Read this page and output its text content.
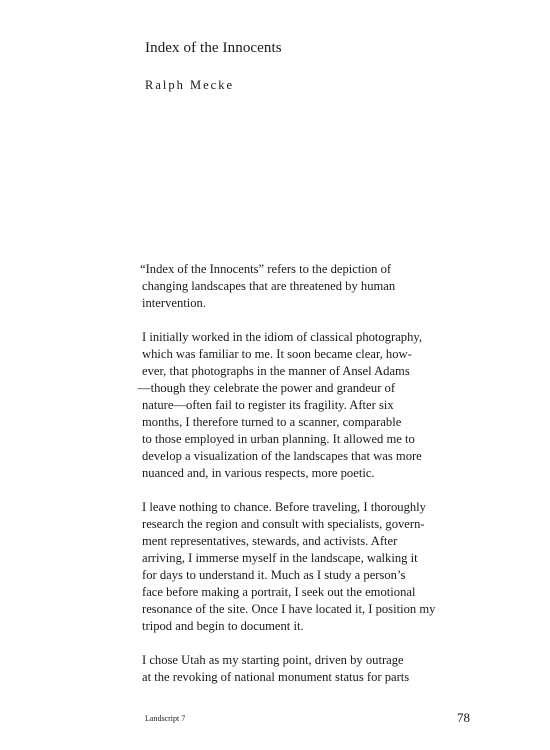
Index of the Innocents
Ralph Mecke
“Index of the Innocents” refers to the depiction of
changing landscapes that are threatened by human
intervention.
I initially worked in the idiom of classical photography,
which was familiar to me. It soon became clear, how-
ever, that photographs in the manner of Ansel Adams
—though they celebrate the power and grandeur of
nature—often fail to register its fragility. After six
months, I therefore turned to a scanner, comparable
to those employed in urban planning. It allowed me to
develop a visualization of the landscapes that was more
nuanced and, in various respects, more poetic.
I leave nothing to chance. Before traveling, I thoroughly
research the region and consult with specialists, govern-
ment representatives, stewards, and activists. After
arriving, I immerse myself in the landscape, walking it
for days to understand it. Much as I study a person’s
face before making a portrait, I seek out the emotional
resonance of the site. Once I have located it, I position my
tripod and begin to document it.
I chose Utah as my starting point, driven by outrage
at the revoking of national monument status for parts
Landscript 7	78
